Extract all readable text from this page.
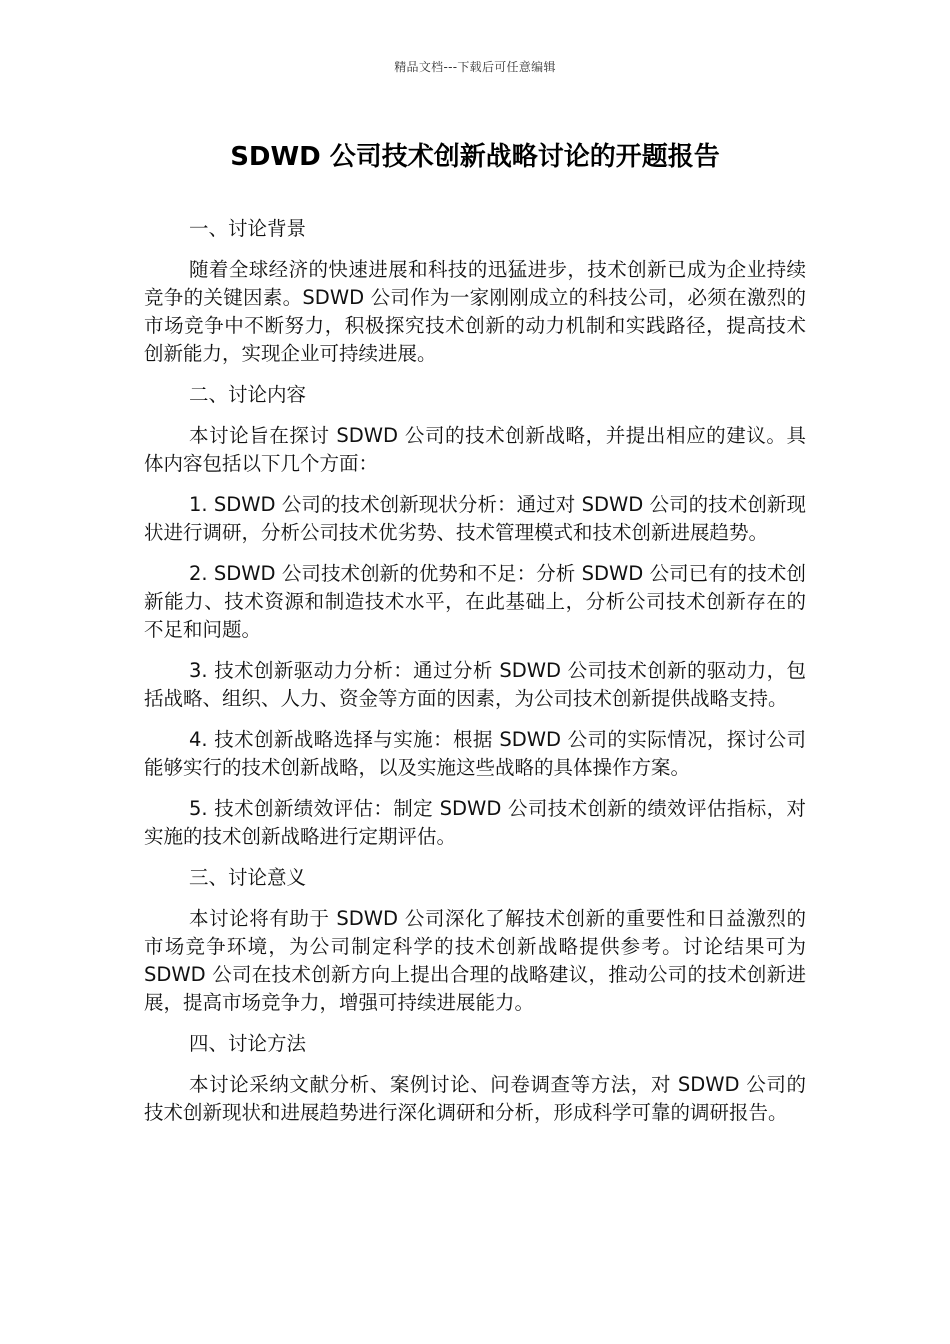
精品文档---下载后可任意编辑
SDWD 公司技术创新战略讨论的开题报告

一、讨论背景

随着全球经济的快速进展和科技的迅猛进步，技术创新已成为企业持续竞争的关键因素。SDWD 公司作为一家刚刚成立的科技公司，必须在激烈的市场竞争中不断努力，积极探究技术创新的动力机制和实践路径，提高技术创新能力，实现企业可持续进展。

二、讨论内容

本讨论旨在探讨 SDWD 公司的技术创新战略，并提出相应的建议。具体内容包括以下几个方面：

1. SDWD 公司的技术创新现状分析：通过对 SDWD 公司的技术创新现状进行调研，分析公司技术优劣势、技术管理模式和技术创新进展趋势。

2. SDWD 公司技术创新的优势和不足：分析 SDWD 公司已有的技术创新能力、技术资源和制造技术水平，在此基础上，分析公司技术创新存在的不足和问题。

3. 技术创新驱动力分析：通过分析 SDWD 公司技术创新的驱动力，包括战略、组织、人力、资金等方面的因素，为公司技术创新提供战略支持。

4. 技术创新战略选择与实施：根据 SDWD 公司的实际情况，探讨公司能够实行的技术创新战略，以及实施这些战略的具体操作方案。

5. 技术创新绩效评估：制定 SDWD 公司技术创新的绩效评估指标，对实施的技术创新战略进行定期评估。

三、讨论意义

本讨论将有助于 SDWD 公司深化了解技术创新的重要性和日益激烈的市场竞争环境，为公司制定科学的技术创新战略提供参考。讨论结果可为 SDWD 公司在技术创新方向上提出合理的战略建议，推动公司的技术创新进展，提高市场竞争力，增强可持续进展能力。

四、讨论方法

本讨论采纳文献分析、案例讨论、问卷调查等方法，对 SDWD 公司的技术创新现状和进展趋势进行深化调研和分析，形成科学可靠的调研报告。
